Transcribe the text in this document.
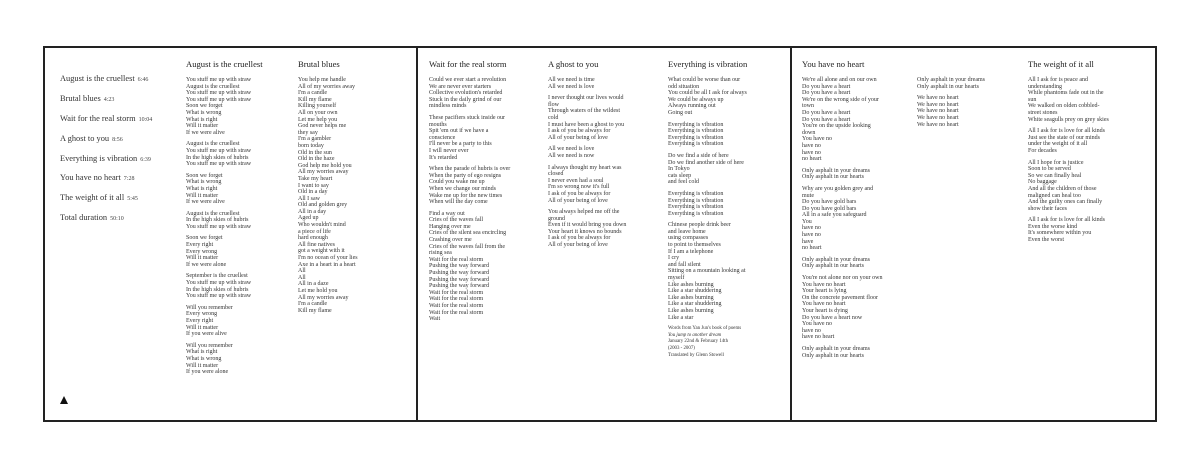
August is the cruellest 6:46
Brutal blues 4:23
Wait for the real storm 10:04
A ghost to you 8:56
Everything is vibration 6:39
You have no heart 7:28
The weight of it all 5:45
Total duration 50:10
August is the cruellest
You stuff me up with straw
August is the cruellest
You stuff me up with straw
You stuff me up with straw
Soon we forget
What is wrong
What is right
Will it matter
If we were alive
August is the cruellest
You stuff me up with straw
In the high skies of hubris
You stuff me up with straw
Soon we forget
What is wrong
What is right
Will it matter
If we were alive
August is the cruellest
In the high skies of hubris
You stuff me up with straw
Soon we forget
Every right
Every wrong
Will it matter
If we were alone
September is the cruellest
You stuff me up with straw
In the high skies of hubris
You stuff me up with straw
Will you remember
Every wrong
Every right
Will it matter
If you were alive
Will you remember
What is right
What is wrong
Will it matter
If you were alone
Brutal blues
You help me handle
All of my worries away
I'm a candle
Kill my flame
Killing yourself
All on your own
Let me help you
God never helps me
they say
I'm a gambler
born today
Old in the sun
Old in the haze
God help me hold you
All my worries away
Take my heart
I want to say
Old in a day
All I saw
Old and golden grey
All in a day
Aged up
Who wouldn't mind
a piece of life
hard enough
All fine natives
got a weight with it
I'm no ocean of your lies
Axe in a heart in a heart
All
All
All in a daze
Let me hold you
All my worries away
I'm a candle
Kill my flame
Wait for the real storm
Could we ever start a revolution
We are never ever starters
Collective evolution's retarded
Stuck in the daily grind of our
mindless minds
These pacifiers stuck inside our
mouths
Spit 'em out if we have a
conscience
I'll never be a party to this
I will never ever
It's retarded
When the parade of hubris is over
When the party of ego resigns
Could you wake me up
When we change our minds
Wake me up for the new times
When will the day come
Find a way out
Cries of the waves fall
Hanging over me
Cries of the silent sea encircling
Crashing over me
Cries of the waves fall from the
rising sea
Wait for the real storm
Pushing the way forward
Pushing the way forward
Pushing the way forward
Pushing the way forward
Wait for the real storm
Wait for the real storm
Wait for the real storm
Wait for the real storm
Wait
A ghost to you
All we need is time
All we need is love
I never thought our lives would
flow
Through waters of the wildest
cold
I must have been a ghost to you
I ask of you be always for
All of your being of love
All we need is love
All we need is now
I always thought my heart was
closed
I never even had a soul
I'm so wrong now it's full
I ask of you be always for
All of your being of love
You always helped me off the
ground
Even if it would bring you down
Your heart it knows no bounds
I ask of you be always for
All of your being of love
Everything is vibration
What could be worse than our
odd situation
You could be all I ask for always
We could be always up
Always running out
Going out
Everything is vibration
Everything is vibration
Everything is vibration
Everything is vibration
Do we find a side of here
Do we find another side of here
In Tokyo
cats sleep
and feel cold
Everything is vibration
Everything is vibration
Everything is vibration
Everything is vibration
Chinese people drink beer
and leave home
using compasses
to point to themselves
If I am a telephone
I cry
and fall silent
Sitting on a mountain looking at
myself
Like ashes burning
Like a star shuddering
Like ashes burning
Like a star shuddering
Like ashes burning
Like a star
Words from Yan Jun's book of poems
You jump to another dream
January 22nd & February 14th
(2003 - 2007)
Translated by Glenn Stowell
You have no heart
We're all alone and on our own
Do you have a heart
Do you have a heart
We're on the wrong side of your
town
Do you have a heart
Do you have a heart
You're on the upside looking
down
You have no
have no
have no
no heart
Only asphalt in your dreams
Only asphalt in our hearts
Why are you golden grey and
mute
Do you have gold bars
Do you have gold bars
All in a safe you safeguard
You
have no
have no
have
no heart
Only asphalt in your dreams
Only asphalt in our hearts
You're not alone nor on your own
You have no heart
Your heart is lying
On the concrete pavement floor
You have no heart
Your heart is dying
Do you have a heart now
You have no
have no
have no heart
Only asphalt in your dreams
Only asphalt in our hearts
Only asphalt in your dreams
Only asphalt in our hearts
We have no heart
We have no heart
We have no heart
We have no heart
We have no heart
The weight of it all
All I ask for is peace and
understanding
While phantoms fade out in the
sun
We walked on olden cobbled-
street stones
White seagulls prey on grey skies
All I ask for is love for all kinds
Just see the state of our minds
under the weight of it all
For decades
All I hope for is justice
Soon to be served
So we can finally heal
No baggage
And all the children of those
maligned can heal too
And the guilty ones can finally
show their faces
All I ask for is love for all kinds
Even the worse kind
It's somewhere within you
Even the worst
